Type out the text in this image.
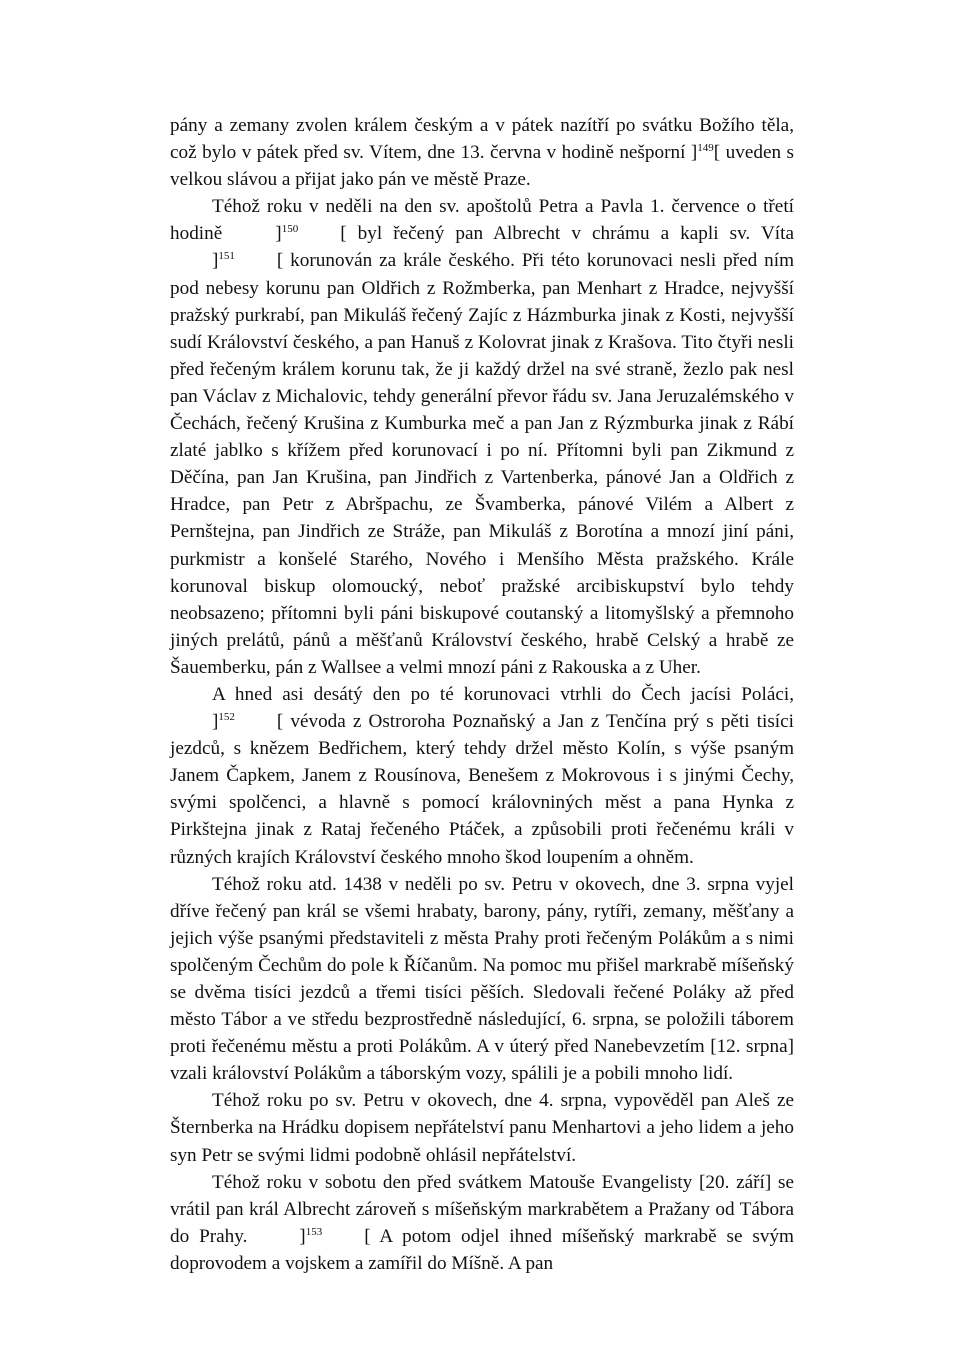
pány a zemany zvolen králem českým a v pátek nazítří po svátku Božího těla, což bylo v pátek před sv. Vítem, dne 13. června v hodině nešporní ]$^{149}$[ uveden s velkou slávou a přijat jako pán ve městě Praze.

Téhož roku v neděli na den sv. apoštolů Petra a Pavla 1. července o třetí hodině ]$^{150}$ [ byl řečený pan Albrecht v chrámu a kapli sv. Víta ]$^{151}$ [ korunován za krále českého. Při této korunovaci nesli před ním pod nebesy korunu pan Oldřich z Rožmberka, pan Menhart z Hradce, nejvyšší pražský purkrabí, pan Mikuláš řečený Zajíc z Házmburka jinak z Kosti, nejvyšší sudí Království českého, a pan Hanuš z Kolovrat jinak z Krašova. Tito čtyři nesli před řečeným králem korunu tak, že ji každý držel na své straně, žezlo pak nesl pan Václav z Michalovic, tehdy generální převor řádu sv. Jana Jeruzalémského v Čechách, řečený Krušina z Kumburka meč a pan Jan z Rýzmburka jinak z Rábí zlaté jablko s křížem před korunovací i po ní. Přítomni byli pan Zikmund z Děčína, pan Jan Krušina, pan Jindřich z Vartenberka, pánové Jan a Oldřich z Hradce, pan Petr z Abršpachu, ze Švamberka, pánové Vilém a Albert z Pernštejna, pan Jindřich ze Stráže, pan Mikuláš z Borotína a mnozí jiní páni, purkmistr a konšelé Starého, Nového i Menšího Města pražského. Krále korunoval biskup olomoucký, neboť pražské arcibiskupství bylo tehdy neobsazeno; přítomni byli páni biskupové coutanský a litomyšlský a přemnoho jiných prelátů, pánů a měšťanů Království českého, hrabě Celský a hrabě ze Šauemberku, pán z Wallsee a velmi mnozí páni z Rakouska a z Uher.

A hned asi desátý den po té korunovaci vtrhli do Čech jacísi Poláci, ]$^{152}$ [ vévoda z Ostroroha Poznaňský a Jan z Tenčína prý s pěti tisíci jezdců, s knězem Bedřichem, který tehdy držel město Kolín, s výše psaným Janem Čapkem, Janem z Rousínova, Benešem z Mokrovous i s jinými Čechy, svými spolčenci, a hlavně s pomocí královniných měst a pana Hynka z Pirkštejna jinak z Rataj řečeného Ptáček, a způsobili proti řečenému králi v různých krajích Království českého mnoho škod loupením a ohněm.

Téhož roku atd. 1438 v neděli po sv. Petru v okovech, dne 3. srpna vyjel dříve řečený pan král se všemi hrabaty, barony, pány, rytíři, zemany, měšťany a jejich výše psanými představiteli z města Prahy proti řečeným Polákům a s nimi spolčeným Čechům do pole k Říčanům. Na pomoc mu přišel markrabě míšeňský se dvěma tisíci jezdců a třemi tisíci pěších. Sledovali řečené Poláky až před město Tábor a ve středu bezprostředně následující, 6. srpna, se položili táborem proti řečenému městu a proti Polákům. A v úterý před Nanebevzetím [12. srpna] vzali království Polákům a táborským vozy, spálili je a pobili mnoho lidí.

Téhož roku po sv. Petru v okovech, dne 4. srpna, vypověděl pan Aleš ze Šternberka na Hrádku dopisem nepřátelství panu Menhartovi a jeho lidem a jeho syn Petr se svými lidmi podobně ohlásil nepřátelství.

Téhož roku v sobotu den před svátkem Matouše Evangelisty [20. září] se vrátil pan král Albrecht zároveň s míšeňským markrabětem a Pražany od Tábora do Prahy. ]$^{153}$ [ A potom odjel ihned míšeňský markrabě se svým doprovodem a vojskem a zamířil do Míšně. A pan
